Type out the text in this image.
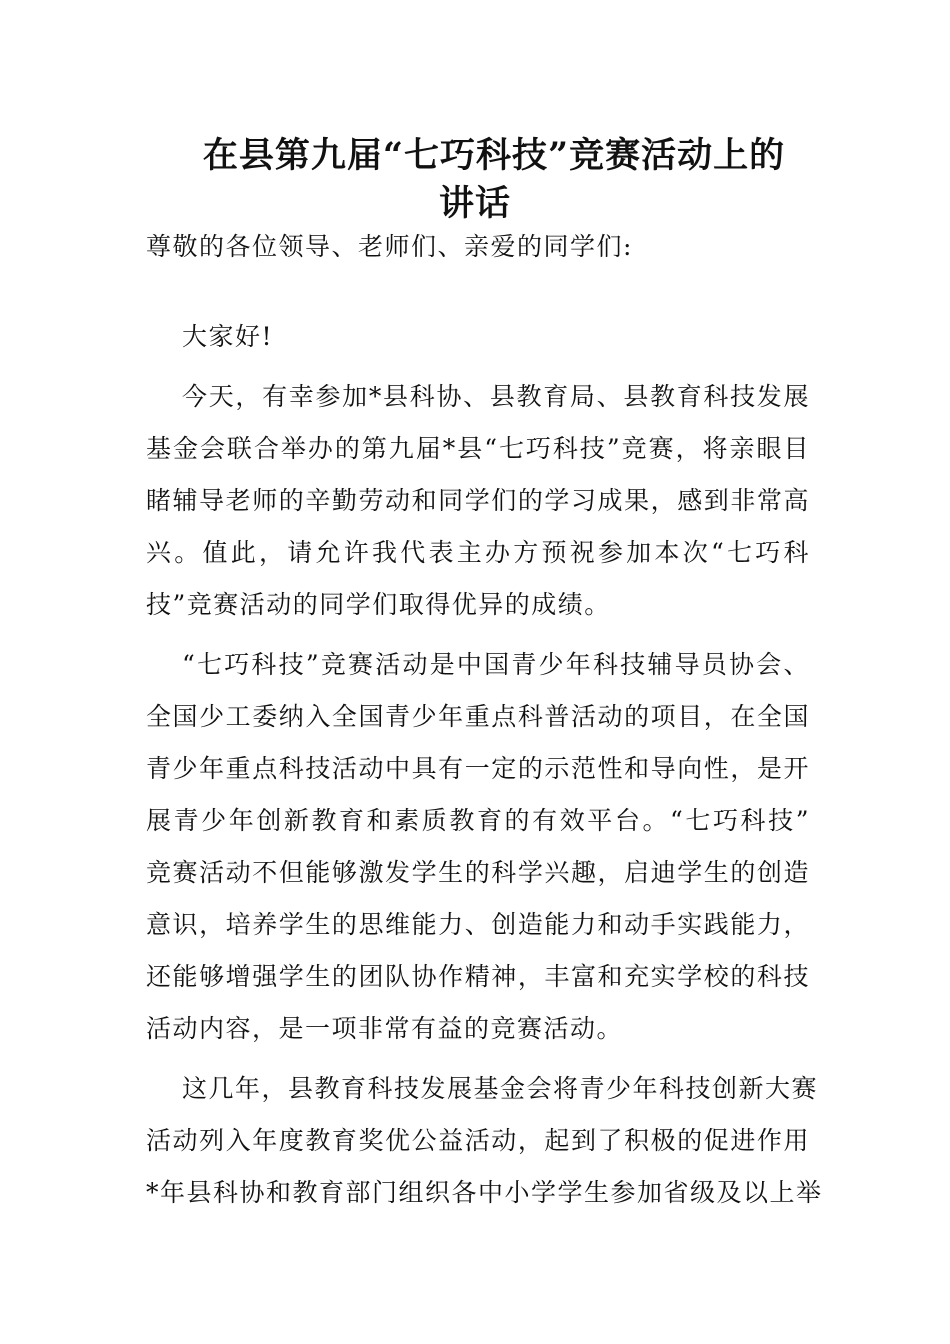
在县第九届“七巧科技”竞赛活动上的
讲话
尊敬的各位领导、老师们、亲爱的同学们:
大家好!
今天，有幸参加*县科协、县教育局、县教育科技发展
基金会联合举办的第九届*县“七巧科技”竞赛，将亲眼目
睹辅导老师的辛勤劳动和同学们的学习成果，感到非常高
兴。值此，请允许我代表主办方预祝参加本次“七巧科
技”竞赛活动的同学们取得优异的成绩。
“七巧科技”竞赛活动是中国青少年科技辅导员协会、
全国少工委纳入全国青少年重点科普活动的项目，在全国
青少年重点科技活动中具有一定的示范性和导向性，是开
展青少年创新教育和素质教育的有效平台。“七巧科技”
竞赛活动不但能够激发学生的科学兴趣，启迪学生的创造
意识，培养学生的思维能力、创造能力和动手实践能力，
还能够增强学生的团队协作精神，丰富和充实学校的科技
活动内容，是一项非常有益的竞赛活动。
这几年，县教育科技发展基金会将青少年科技创新大赛
活动列入年度教育奖优公益活动，起到了积极的促进作用
*年县科协和教育部门组织各中小学学生参加省级及以上举
